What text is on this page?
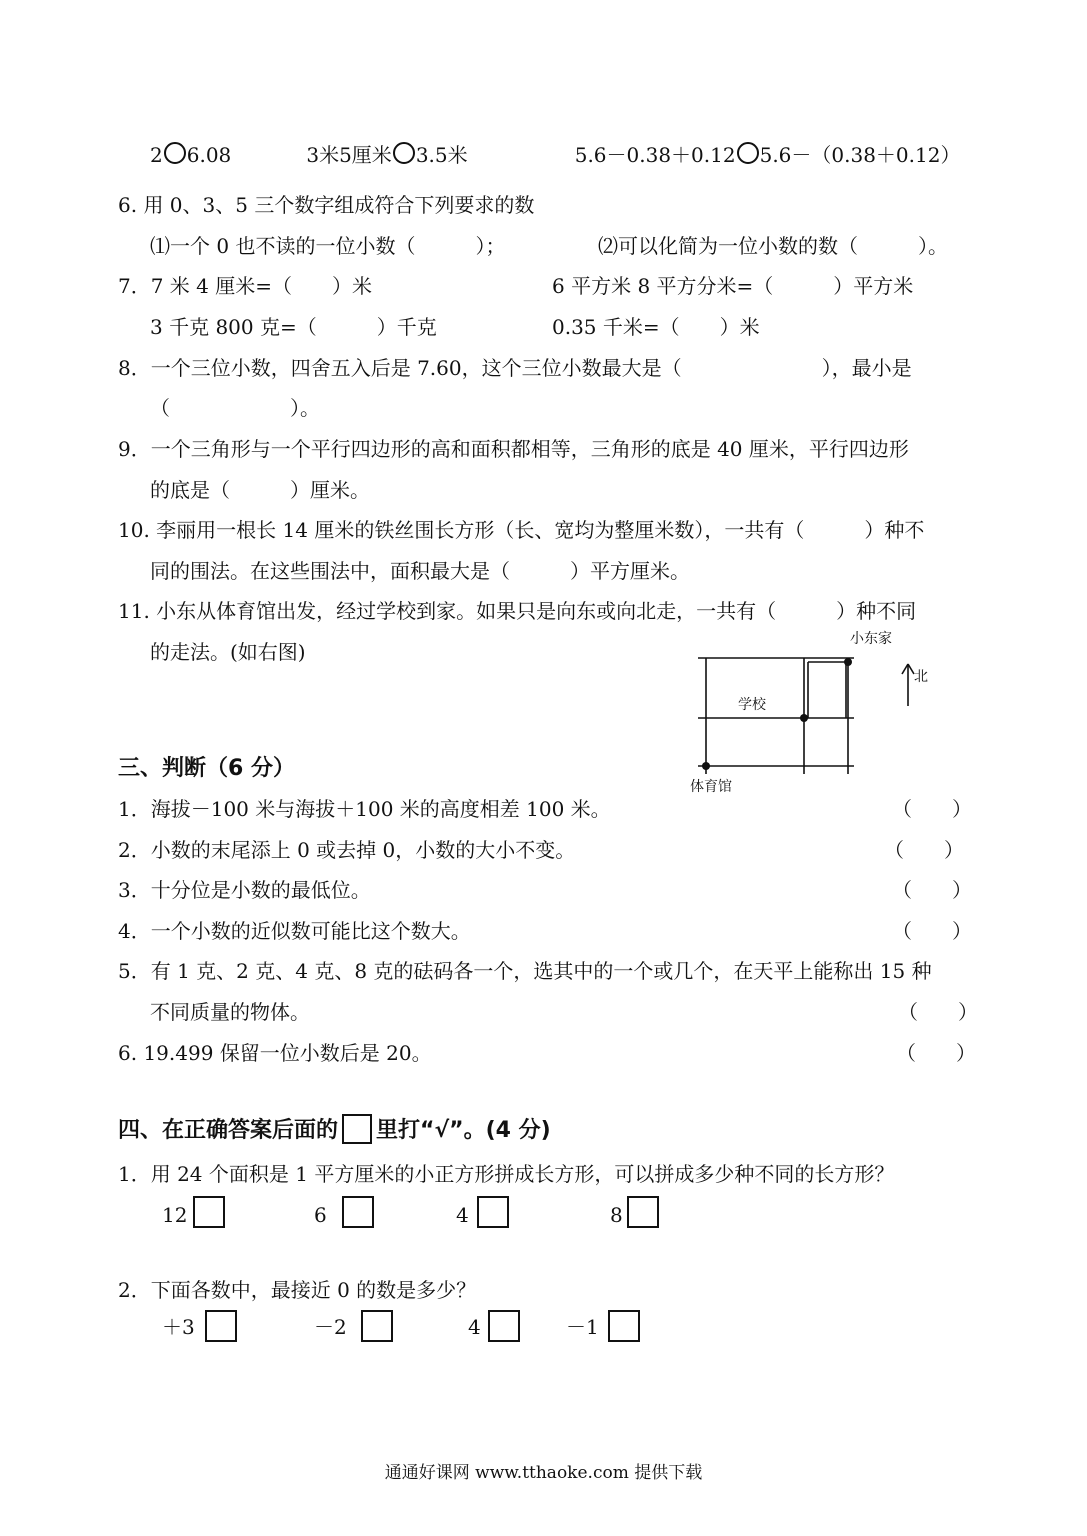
2 6.08	3米5厘米 3.5米	5.6－0.38＋0.12 5.6－（0.38＋0.12）
6. 用 0、3、5 三个数字组成符合下列要求的数
⑴一个 0 也不读的一位小数（　　　）；	⑵可以化简为一位小数的数（　　　）。
7．7 米 4 厘米=（　　）米	6 平方米 8 平方分米=（　　　）平方米
3 千克 800 克=（　　　）千克	0.35 千米=（　　）米
8．一个三位小数，四舍五入后是 7.60，这个三位小数最大是（　　　　　　　），最小是
（　　　　　　）。
9．一个三角形与一个平行四边形的高和面积都相等，三角形的底是 40 厘米，平行四边形
的底是（　　　）厘米。
10. 李丽用一根长 14 厘米的铁丝围长方形（长、宽均为整厘米数），一共有（　　　）种不
同的围法。在这些围法中，面积最大是（　　　）平方厘米。
11. 小东从体育馆出发，经过学校到家。如果只是向东或向北走，一共有（　　　）种不同
的走法。(如右图)
小东家
学校
体育馆
北
三、判断（6 分）
1．海拔－100 米与海拔＋100 米的高度相差 100 米。	（　　）
2．小数的末尾添上 0 或去掉 0，小数的大小不变。	（　　）
3．十分位是小数的最低位。	（　　）
4．一个小数的近似数可能比这个数大。	（　　）
5．有 1 克、2 克、4 克、8 克的砝码各一个，选其中的一个或几个，在天平上能称出 15 种
不同质量的物体。	（　　）
6. 19.499 保留一位小数后是 20。	（　　）
四、在正确答案后面的 里打“√”。(4 分)
1．用 24 个面积是 1 平方厘米的小正方形拼成长方形，可以拼成多少种不同的长方形？
12	6	4	8
2．下面各数中，最接近 0 的数是多少？
＋3	－2	4	－1
通通好课网 www.tthaoke.com 提供下载
